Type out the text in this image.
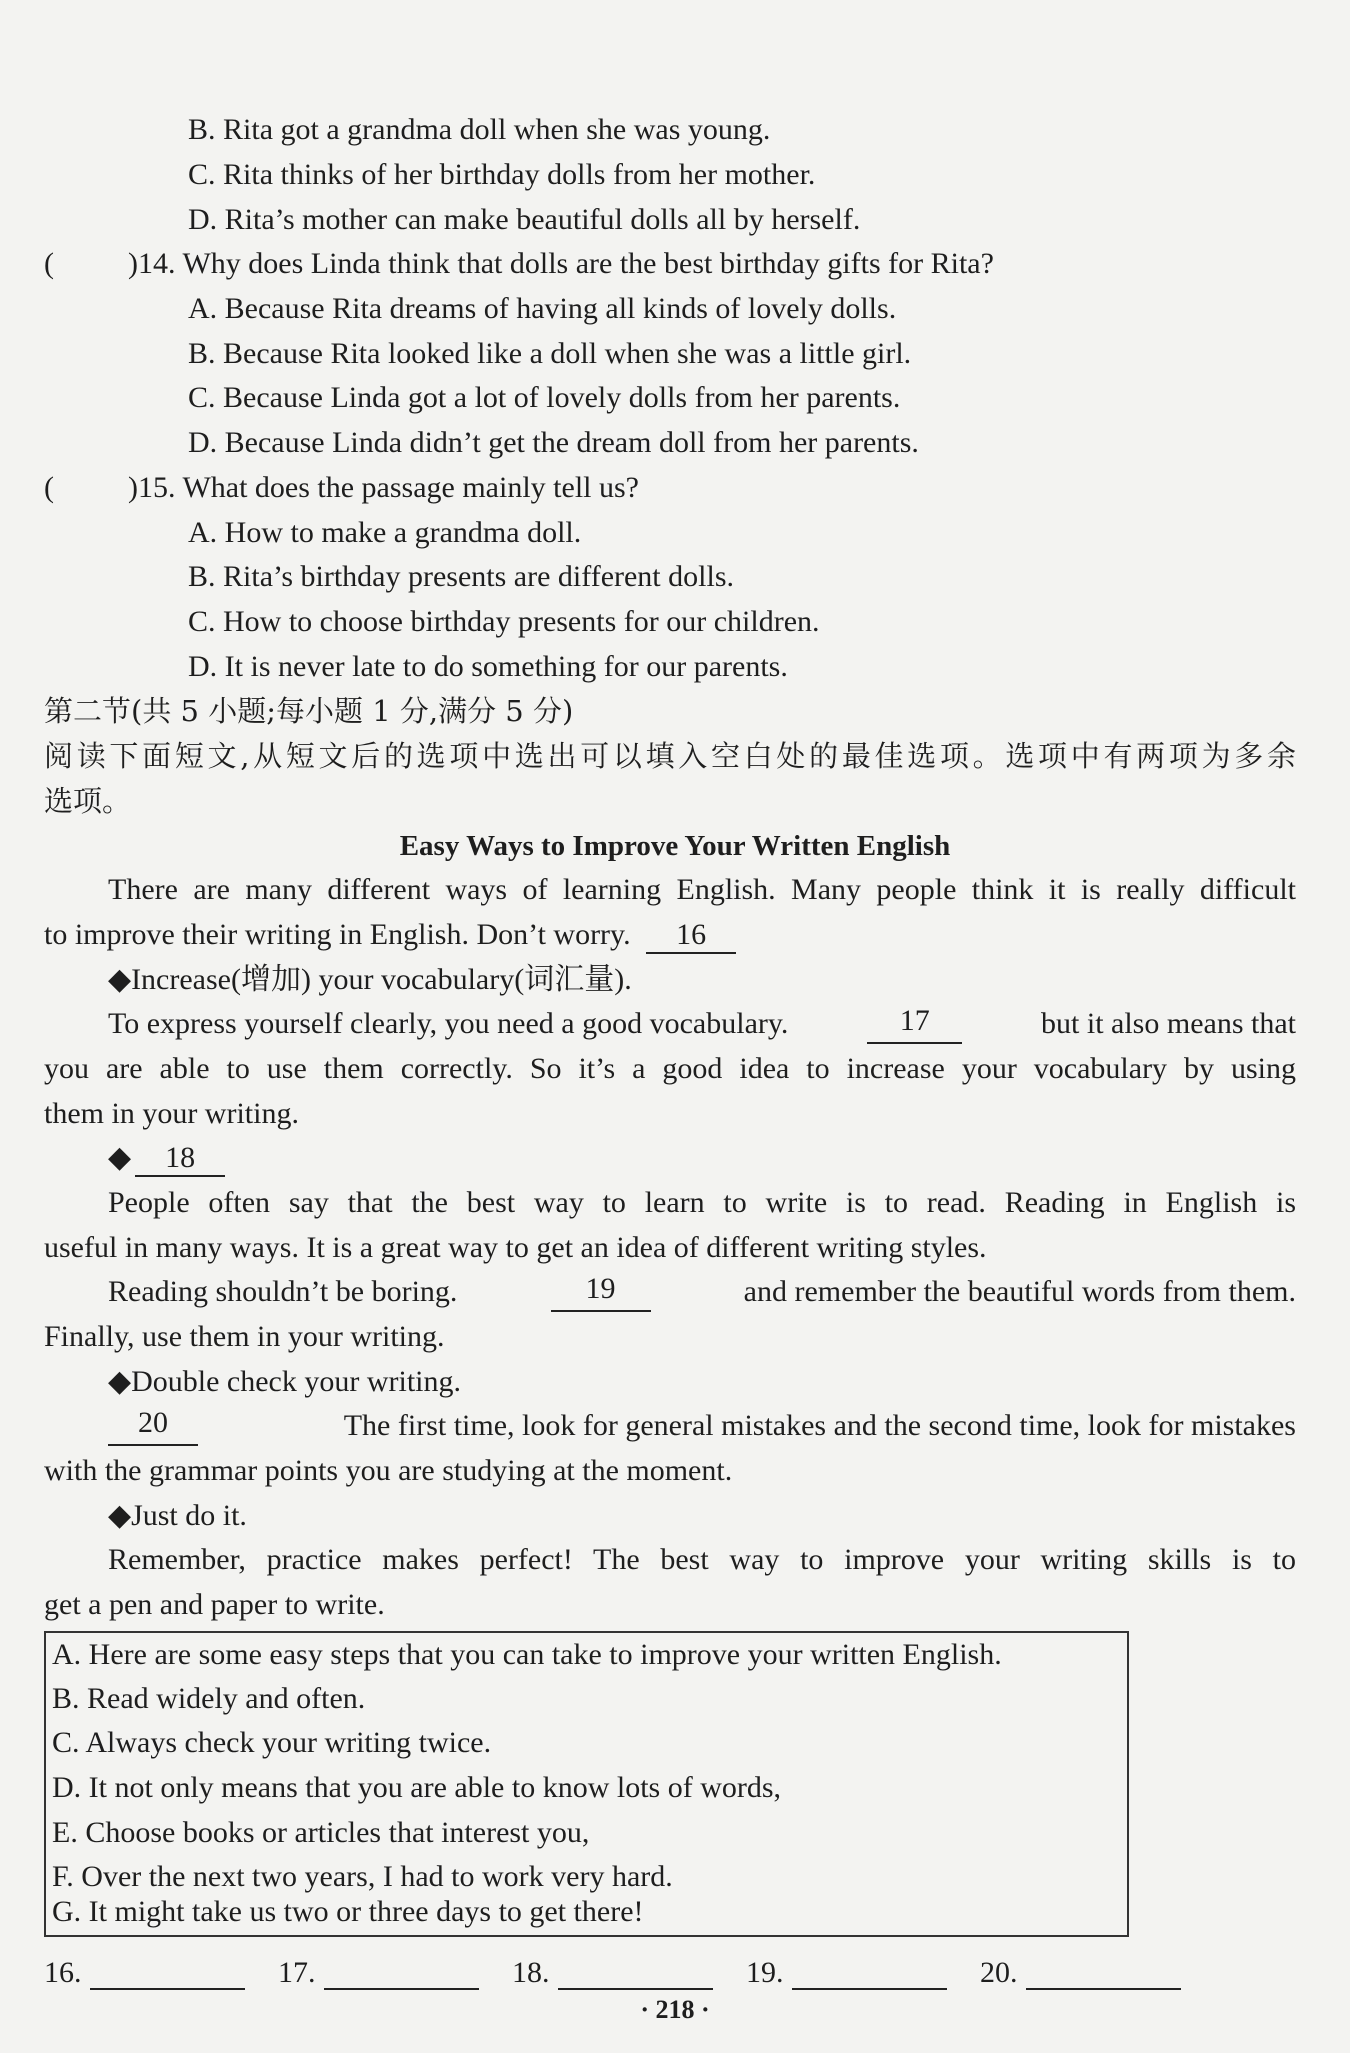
B. Rita got a grandma doll when she was young.
C. Rita thinks of her birthday dolls from her mother.
D. Rita’s mother can make beautiful dolls all by herself.
( )14. Why does Linda think that dolls are the best birthday gifts for Rita?
A. Because Rita dreams of having all kinds of lovely dolls.
B. Because Rita looked like a doll when she was a little girl.
C. Because Linda got a lot of lovely dolls from her parents.
D. Because Linda didn’t get the dream doll from her parents.
( )15. What does the passage mainly tell us?
A. How to make a grandma doll.
B. Rita’s birthday presents are different dolls.
C. How to choose birthday presents for our children.
D. It is never late to do something for our parents.
第二节(共 5 小题;每小题 1 分,满分 5 分)
阅读下面短文,从短文后的选项中选出可以填入空白处的最佳选项。选项中有两项为多余
选项。
Easy Ways to Improve Your Written English
There are many different ways of learning English. Many people think it is really difficult
to improve their writing in English. Don’t worry. 16
◆Increase(增加) your vocabulary(词汇量).
To express yourself clearly, you need a good vocabulary.	17	but it also means that
you are able to use them correctly. So it’s a good idea to increase your vocabulary by using
them in your writing.
◆ 18
People often say that the best way to learn to write is to read. Reading in English is
useful in many ways. It is a great way to get an idea of different writing styles.
Reading shouldn’t be boring.	19	and remember the beautiful words from them.
Finally, use them in your writing.
◆Double check your writing.
20	The first time, look for general mistakes and the second time, look for mistakes
with the grammar points you are studying at the moment.
◆Just do it.
Remember, practice makes perfect! The best way to improve your writing skills is to
get a pen and paper to write.
A. Here are some easy steps that you can take to improve your written English.
B. Read widely and often.
C. Always check your writing twice.
D. It not only means that you are able to know lots of words,
E. Choose books or articles that interest you,
F. Over the next two years, I had to work very hard.
G. It might take us two or three days to get there!
16.	17.	18.	19.	20.
· 218 ·
